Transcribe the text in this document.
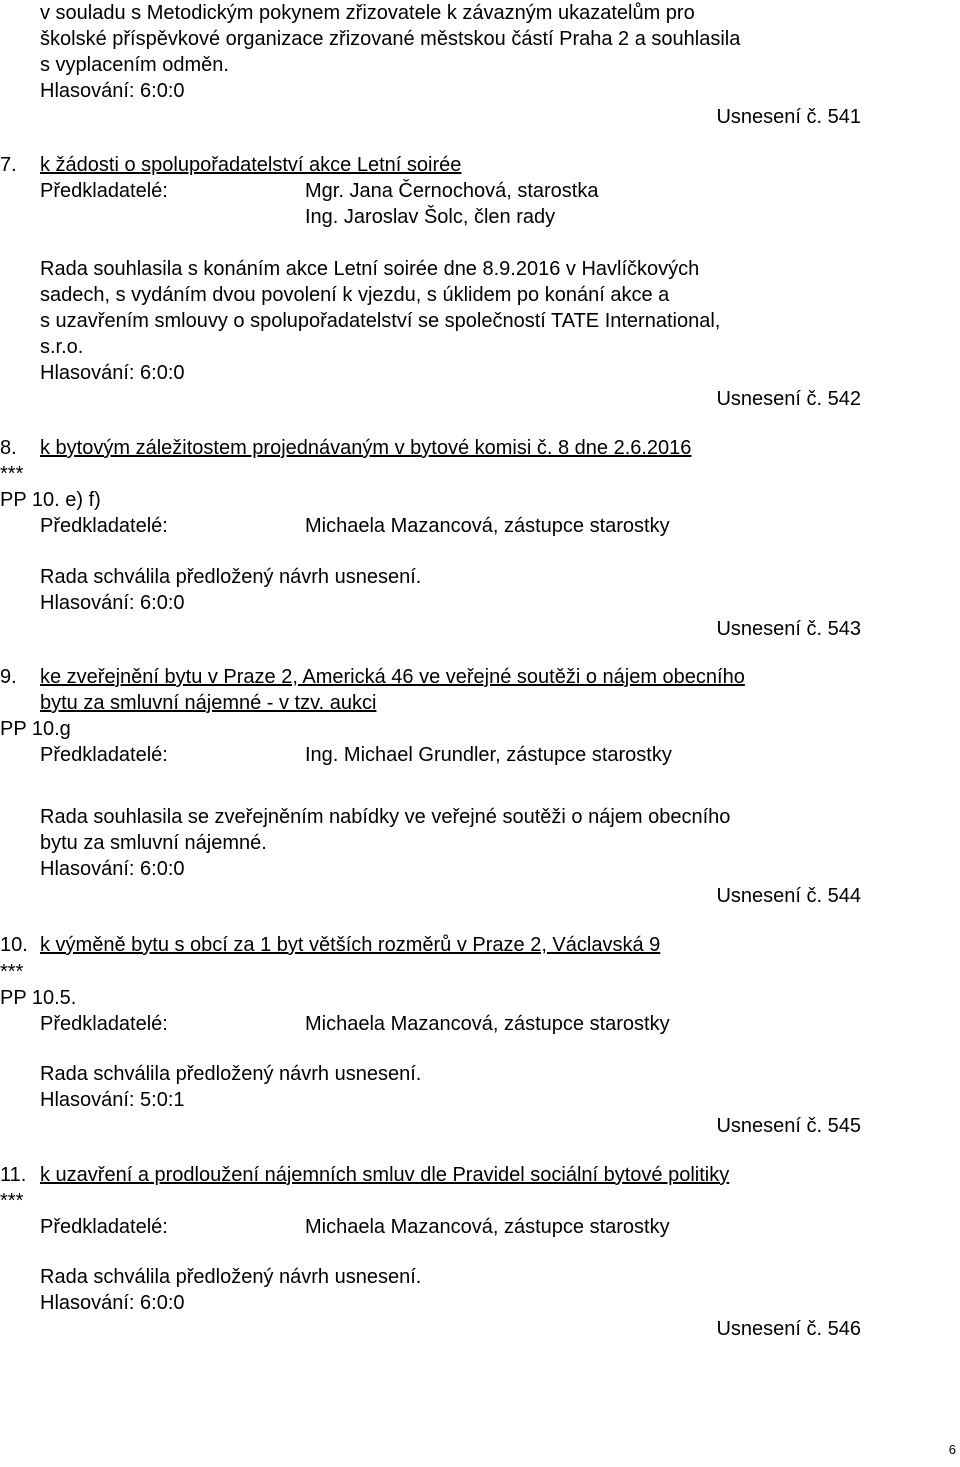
v souladu s Metodickým pokynem zřizovatele k závazným ukazatelům pro
školské příspěvkové organizace zřizované městskou částí Praha 2 a souhlasila
s vyplacením odměn.
Hlasování: 6:0:0
Usnesení č. 541
7. k žádosti o spolupořadatelství akce Letní soirée
Předkladatelé:	Mgr. Jana Černochová, starostka
Ing. Jaroslav Šolc, člen rady
Rada souhlasila s konáním akce Letní soirée dne 8.9.2016 v Havlíčkových
sadech, s vydáním dvou povolení k vjezdu, s úklidem po konání akce a
s uzavřením smlouvy o spolupořadatelství se společností TATE International,
s.r.o.
Hlasování: 6:0:0
Usnesení č. 542
8. k bytovým záležitostem projednávaným v bytové komisi č. 8 dne 2.6.2016
***
PP 10. e) f)
Předkladatelé:	Michaela Mazancová, zástupce starostky
Rada schválila předložený návrh usnesení.
Hlasování: 6:0:0
Usnesení č. 543
9. ke zveřejnění bytu v Praze 2, Americká 46 ve veřejné soutěži o nájem obecního
bytu za smluvní nájemné - v tzv. aukci
PP 10.g
Předkladatelé:	Ing. Michael Grundler, zástupce starostky
Rada souhlasila se zveřejněním nabídky ve veřejné soutěži o nájem obecního
bytu za smluvní nájemné.
Hlasování: 6:0:0
Usnesení č. 544
10. k výměně bytu s obcí za 1 byt větších rozměrů v Praze 2, Václavská 9
***
PP 10.5.
Předkladatelé:	Michaela Mazancová, zástupce starostky
Rada schválila předložený návrh usnesení.
Hlasování: 5:0:1
Usnesení č. 545
11. k uzavření a prodloužení nájemních smluv dle Pravidel sociální bytové politiky
***
Předkladatelé:	Michaela Mazancová, zástupce starostky
Rada schválila předložený návrh usnesení.
Hlasování: 6:0:0
Usnesení č. 546
6
